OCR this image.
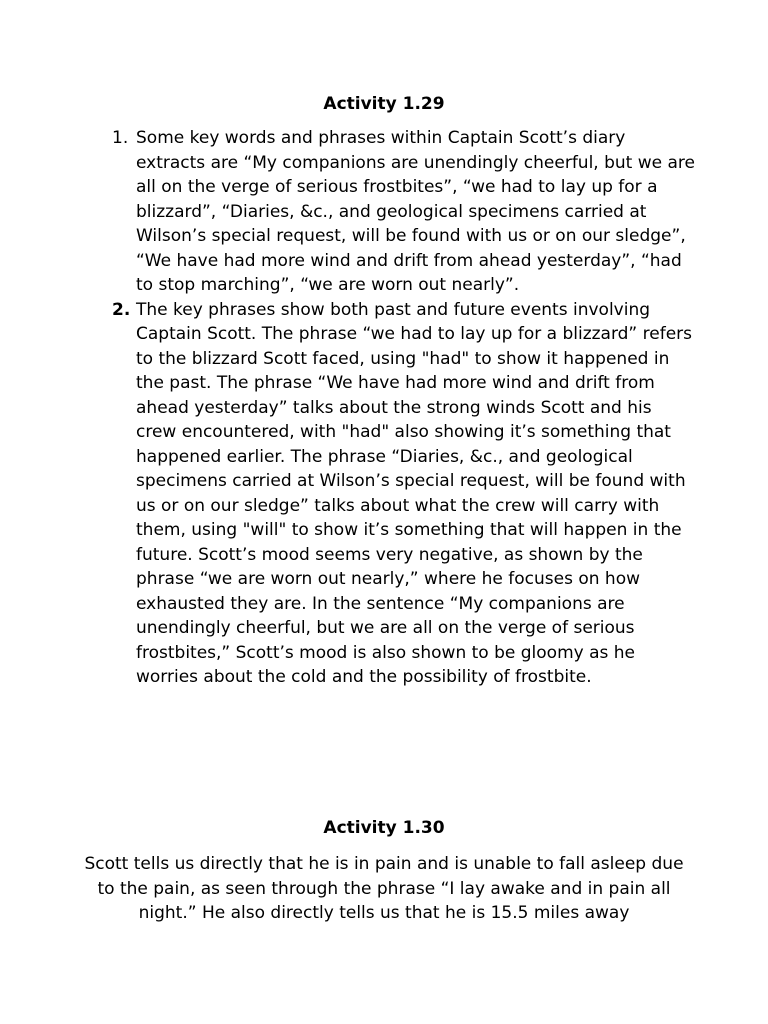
Activity 1.29
1. Some key words and phrases within Captain Scott’s diary extracts are “My companions are unendingly cheerful, but we are all on the verge of serious frostbites”, “we had to lay up for a blizzard”, “Diaries, &c., and geological specimens carried at Wilson’s special request, will be found with us or on our sledge”, “We have had more wind and drift from ahead yesterday”, “had to stop marching”, “we are worn out nearly”.
2. The key phrases show both past and future events involving Captain Scott. The phrase “we had to lay up for a blizzard” refers to the blizzard Scott faced, using "had" to show it happened in the past. The phrase “We have had more wind and drift from ahead yesterday” talks about the strong winds Scott and his crew encountered, with "had" also showing it’s something that happened earlier. The phrase “Diaries, &c., and geological specimens carried at Wilson’s special request, will be found with us or on our sledge” talks about what the crew will carry with them, using "will" to show it’s something that will happen in the future. Scott’s mood seems very negative, as shown by the phrase “we are worn out nearly,” where he focuses on how exhausted they are. In the sentence “My companions are unendingly cheerful, but we are all on the verge of serious frostbites,” Scott’s mood is also shown to be gloomy as he worries about the cold and the possibility of frostbite.
Activity 1.30

Scott tells us directly that he is in pain and is unable to fall asleep due to the pain, as seen through the phrase “I lay awake and in pain all night.” He also directly tells us that he is 15.5 miles away
